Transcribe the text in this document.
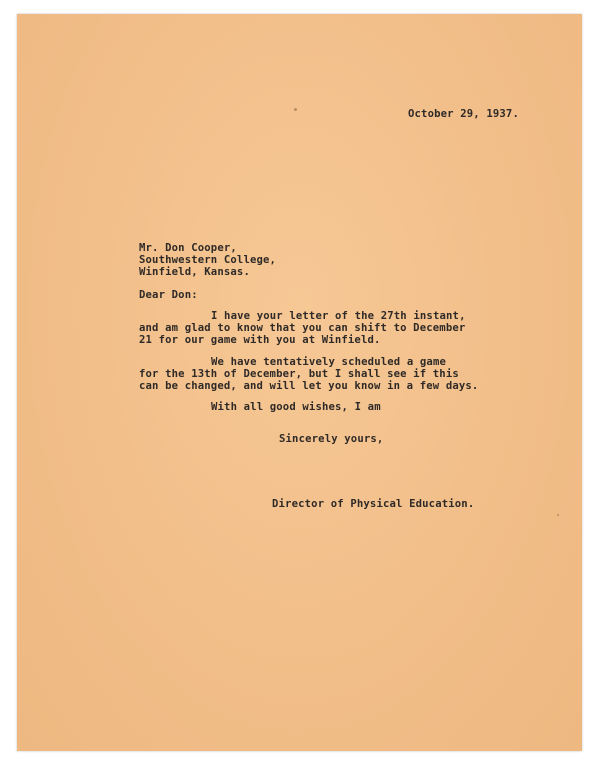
October 29, 1937.

Mr. Don Cooper,

Southwestern College,

Winfield, Kansas.

Dear Don:

I have your letter of the 27th instant,

and am glad to know that you can shift to December

21 for our game with you at Winfield.

We have tentatively scheduled a game

for the 13th of December, but I shall see if this

can be changed, and will let you know in a few days.

With all good wishes, I am

Sincerely yours,

Director of Physical Education.
